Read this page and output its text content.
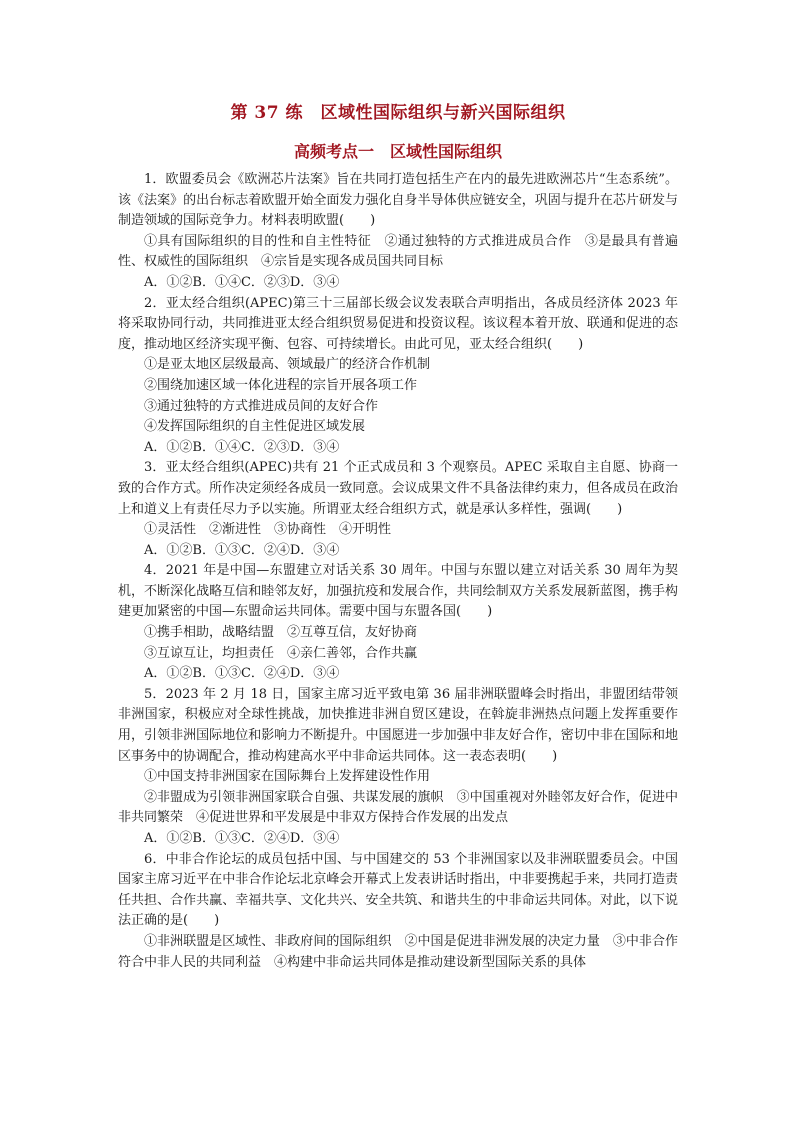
第 37 练　区域性国际组织与新兴国际组织
高频考点一　区域性国际组织

1．欧盟委员会《欧洲芯片法案》旨在共同打造包括生产在内的最先进欧洲芯片“生态系统”。该《法案》的出台标志着欧盟开始全面发力强化自身半导体供应链安全，巩固与提升在芯片研发与制造领域的国际竞争力。材料表明欧盟(　　)

①具有国际组织的目的性和自主性特征　②通过独特的方式推进成员合作　③是最具有普遍性、权威性的国际组织　④宗旨是实现各成员国共同目标

A．①②B．①④C．②③D．③④

2．亚太经合组织(APEC)第三十三届部长级会议发表联合声明指出，各成员经济体 2023 年将采取协同行动，共同推进亚太经合组织贸易促进和投资议程。该议程本着开放、联通和促进的态度，推动地区经济实现平衡、包容、可持续增长。由此可见，亚太经合组织(　　)

①是亚太地区层级最高、领域最广的经济合作机制

②围绕加速区域一体化进程的宗旨开展各项工作

③通过独特的方式推进成员间的友好合作

④发挥国际组织的自主性促进区域发展

A．①②B．①④C．②③D．③④

3．亚太经合组织(APEC)共有 21 个正式成员和 3 个观察员。APEC 采取自主自愿、协商一致的合作方式。所作决定须经各成员一致同意。会议成果文件不具备法律约束力，但各成员在政治上和道义上有责任尽力予以实施。所谓亚太经合组织方式，就是承认多样性，强调(　　)

①灵活性　②渐进性　③协商性　④开明性

A．①②B．①③C．②④D．③④

4．2021 年是中国—东盟建立对话关系 30 周年。中国与东盟以建立对话关系 30 周年为契机，不断深化战略互信和睦邻友好，加强抗疫和发展合作，共同绘制双方关系发展新蓝图，携手构建更加紧密的中国—东盟命运共同体。需要中国与东盟各国(　　)

①携手相助，战略结盟　②互尊互信，友好协商

③互谅互让，均担责任　④亲仁善邻，合作共赢

A．①②B．①③C．②④D．③④

5．2023 年 2 月 18 日，国家主席习近平致电第 36 届非洲联盟峰会时指出，非盟团结带领非洲国家，积极应对全球性挑战，加快推进非洲自贸区建设，在斡旋非洲热点问题上发挥重要作用，引领非洲国际地位和影响力不断提升。中国愿进一步加强中非友好合作，密切中非在国际和地区事务中的协调配合，推动构建高水平中非命运共同体。这一表态表明(　　)

①中国支持非洲国家在国际舞台上发挥建设性作用

②非盟成为引领非洲国家联合自强、共谋发展的旗帜　③中国重视对外睦邻友好合作，促进中非共同繁荣　④促进世界和平发展是中非双方保持合作发展的出发点

A．①②B．①③C．②④D．③④

6．中非合作论坛的成员包括中国、与中国建交的 53 个非洲国家以及非洲联盟委员会。中国国家主席习近平在中非合作论坛北京峰会开幕式上发表讲话时指出，中非要携起手来，共同打造责任共担、合作共赢、幸福共享、文化共兴、安全共筑、和谐共生的中非命运共同体。对此，以下说法正确的是(　　)

①非洲联盟是区域性、非政府间的国际组织　②中国是促进非洲发展的决定力量　③中非合作符合中非人民的共同利益　④构建中非命运共同体是推动建设新型国际关系的具体
